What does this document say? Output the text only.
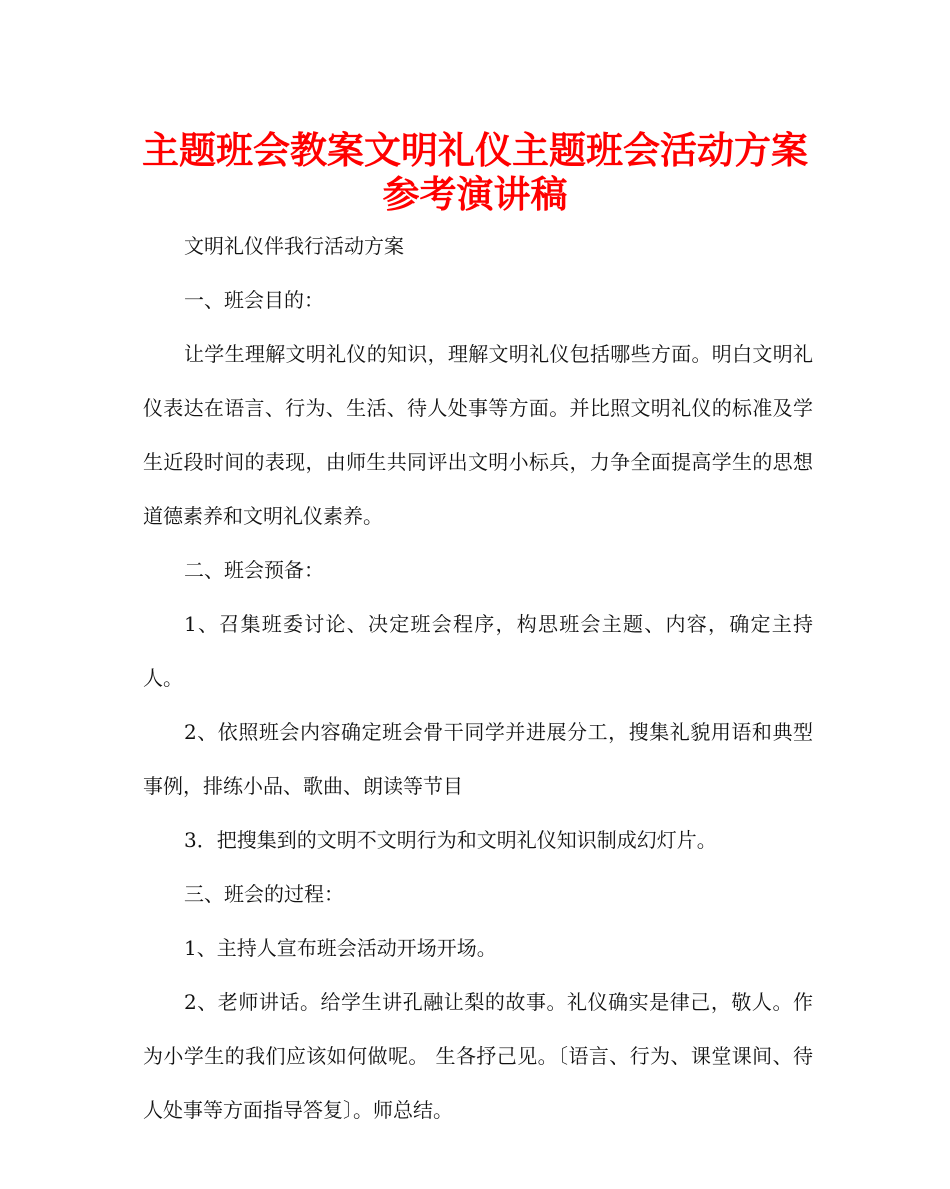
主题班会教案文明礼仪主题班会活动方案
参考演讲稿

文明礼仪伴我行活动方案

一、班会目的：

让学生理解文明礼仪的知识，理解文明礼仪包括哪些方面。明白文明礼仪表达在语言、行为、生活、待人处事等方面。并比照文明礼仪的标准及学生近段时间的表现，由师生共同评出文明小标兵，力争全面提高学生的思想道德素养和文明礼仪素养。

二、班会预备：

1、召集班委讨论、决定班会程序，构思班会主题、内容，确定主持人。

2、依照班会内容确定班会骨干同学并进展分工，搜集礼貌用语和典型事例，排练小品、歌曲、朗读等节目

3．把搜集到的文明不文明行为和文明礼仪知识制成幻灯片。

三、班会的过程：

1、主持人宣布班会活动开场开场。

2、老师讲话。给学生讲孔融让梨的故事。礼仪确实是律己，敬人。作为小学生的我们应该如何做呢。 生各抒己见。〔语言、行为、课堂课间、待人处事等方面指导答复〕。师总结。
